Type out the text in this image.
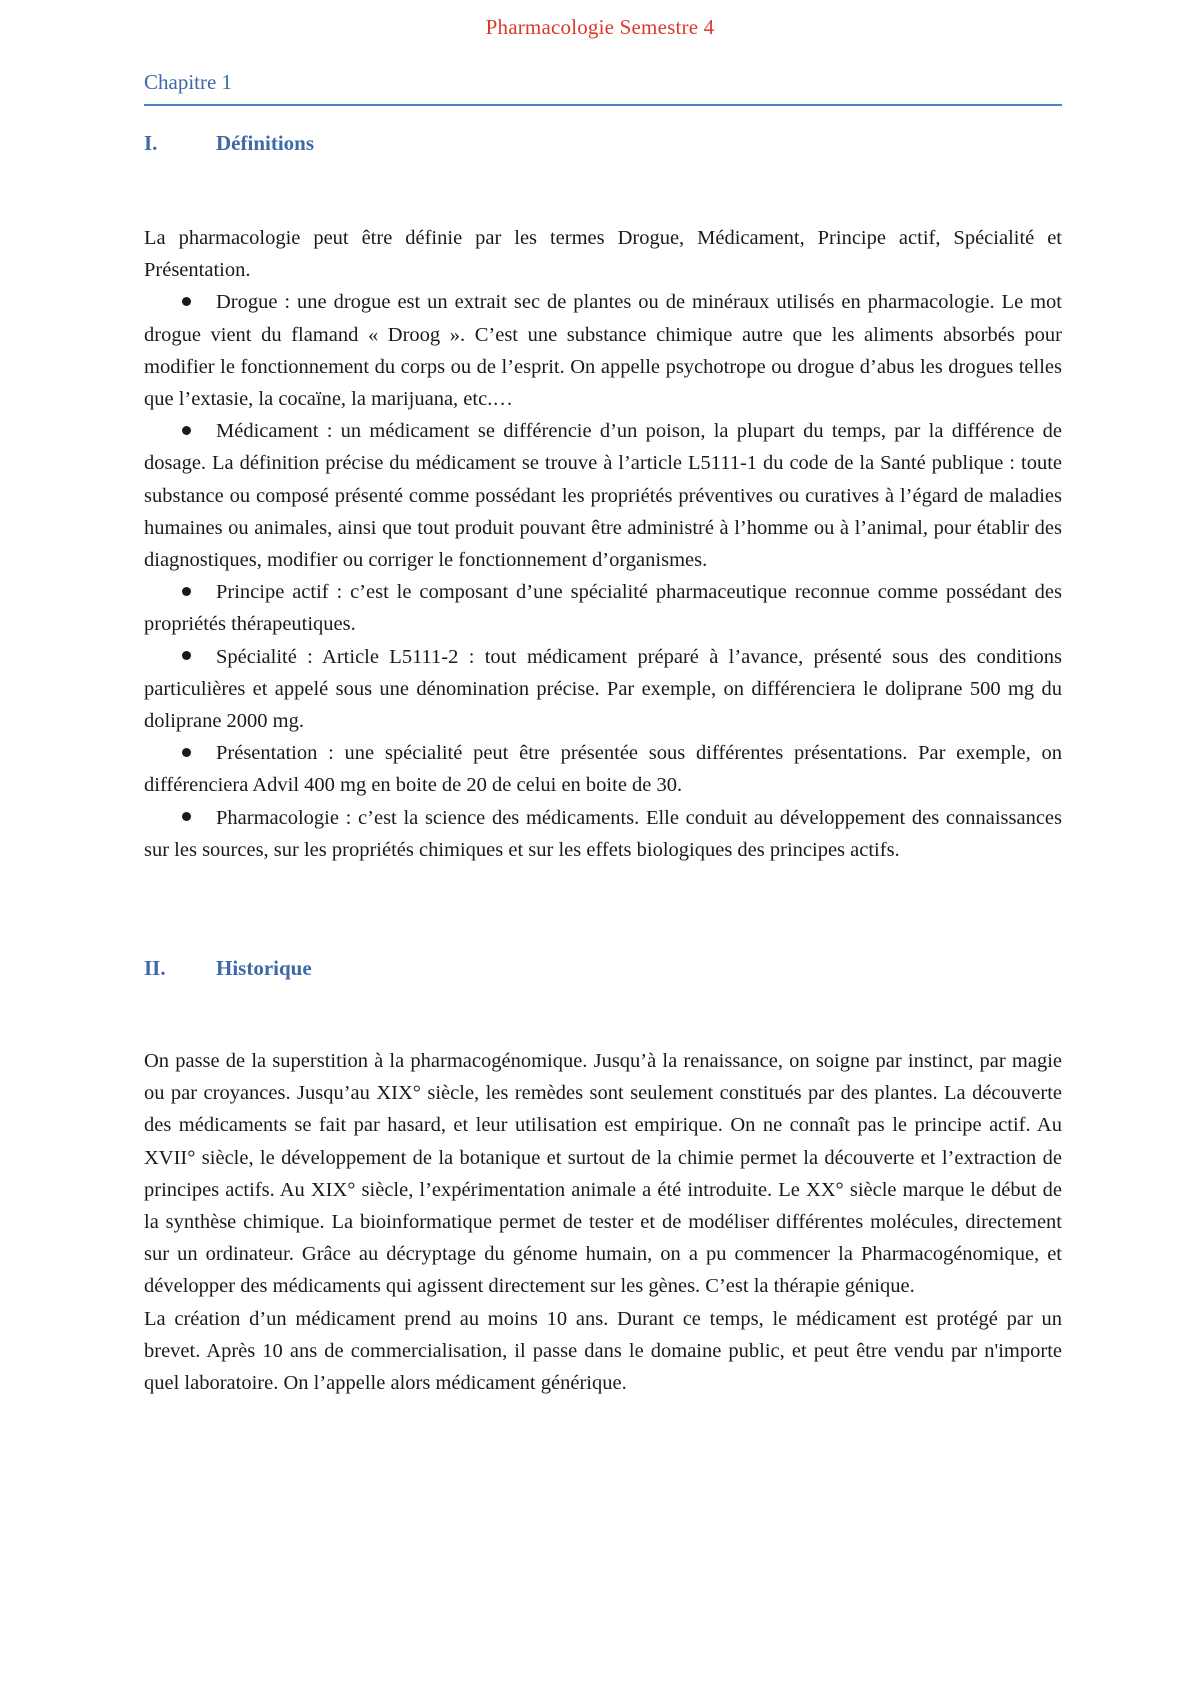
Pharmacologie Semestre 4
Chapitre 1
I.	Définitions

La pharmacologie peut être définie par les termes Drogue, Médicament, Principe actif, Spécialité et Présentation.

Drogue : une drogue est un extrait sec de plantes ou de minéraux utilisés en pharmacologie. Le mot drogue vient du flamand « Droog ». C’est une substance chimique autre que les aliments absorbés pour modifier le fonctionnement du corps ou de l’esprit. On appelle psychotrope ou drogue d’abus les drogues telles que l’extasie, la cocaïne, la marijuana, etc.…

Médicament : un médicament se différencie d’un poison, la plupart du temps, par la différence de dosage. La définition précise du médicament se trouve à l’article L5111-1 du code de la Santé publique : toute substance ou composé présenté comme possédant les propriétés préventives ou curatives à l’égard de maladies humaines ou animales, ainsi que tout produit pouvant être administré à l’homme ou à l’animal, pour établir des diagnostiques, modifier ou corriger le fonctionnement d’organismes.

Principe actif : c’est le composant d’une spécialité pharmaceutique reconnue comme possédant des propriétés thérapeutiques.

Spécialité : Article L5111-2 : tout médicament préparé à l’avance, présenté sous des conditions particulières et appelé sous une dénomination précise. Par exemple, on différenciera le doliprane 500 mg du doliprane 2000 mg.

Présentation : une spécialité peut être présentée sous différentes présentations. Par exemple, on différenciera Advil 400 mg en boite de 20 de celui en boite de 30.

Pharmacologie : c’est la science des médicaments. Elle conduit au développement des connaissances sur les sources, sur les propriétés chimiques et sur les effets biologiques des principes actifs.

II. Historique

On passe de la superstition à la pharmacogénomique. Jusqu’à la renaissance, on soigne par instinct, par magie ou par croyances. Jusqu’au XIX° siècle, les remèdes sont seulement constitués par des plantes. La découverte des médicaments se fait par hasard, et leur utilisation est empirique. On ne connaît pas le principe actif. Au XVII° siècle, le développement de la botanique et surtout de la chimie permet la découverte et l’extraction de principes actifs. Au XIX° siècle, l’expérimentation animale a été introduite. Le XX° siècle marque le début de la synthèse chimique. La bioinformatique permet de tester et de modéliser différentes molécules, directement sur un ordinateur. Grâce au décryptage du génome humain, on a pu commencer la Pharmacogénomique, et développer des médicaments qui agissent directement sur les gènes. C’est la thérapie génique.

La création d’un médicament prend au moins 10 ans. Durant ce temps, le médicament est protégé par un brevet. Après 10 ans de commercialisation, il passe dans le domaine public, et peut être vendu par n'importe quel laboratoire. On l’appelle alors médicament générique.
